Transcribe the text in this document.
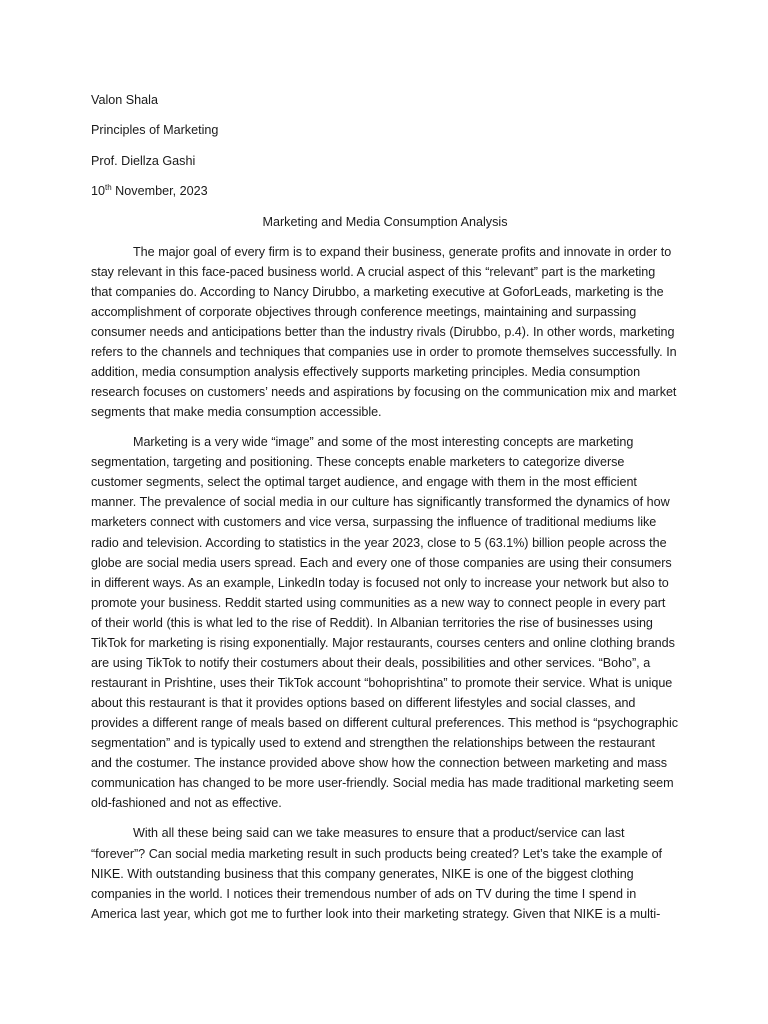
Valon Shala

Principles of Marketing

Prof. Diellza Gashi

10th November, 2023

Marketing and Media Consumption Analysis

The major goal of every firm is to expand their business, generate profits and innovate in order to stay relevant in this face-paced business world. A crucial aspect of this “relevant” part is the marketing that companies do. According to Nancy Dirubbo, a marketing executive at GoforLeads, marketing is the accomplishment of corporate objectives through conference meetings, maintaining and surpassing consumer needs and anticipations better than the industry rivals (Dirubbo, p.4). In other words, marketing refers to the channels and techniques that companies use in order to promote themselves successfully. In addition, media consumption analysis effectively supports marketing principles. Media consumption research focuses on customers’ needs and aspirations by focusing on the communication mix and market segments that make media consumption accessible.

Marketing is a very wide “image” and some of the most interesting concepts are marketing segmentation, targeting and positioning. These concepts enable marketers to categorize diverse customer segments, select the optimal target audience, and engage with them in the most efficient manner. The prevalence of social media in our culture has significantly transformed the dynamics of how marketers connect with customers and vice versa, surpassing the influence of traditional mediums like radio and television. According to statistics in the year 2023, close to 5 (63.1%) billion people across the globe are social media users spread. Each and every one of those companies are using their consumers in different ways. As an example, LinkedIn today is focused not only to increase your network but also to promote your business. Reddit started using communities as a new way to connect people in every part of their world (this is what led to the rise of Reddit). In Albanian territories the rise of businesses using TikTok for marketing is rising exponentially. Major restaurants, courses centers and online clothing brands are using TikTok to notify their costumers about their deals, possibilities and other services. “Boho”, a restaurant in Prishtine, uses their TikTok account “bohoprishtina” to promote their service. What is unique about this restaurant is that it provides options based on different lifestyles and social classes, and provides a different range of meals based on different cultural preferences. This method is “psychographic segmentation” and is typically used to extend and strengthen the relationships between the restaurant and the costumer. The instance provided above show how the connection between marketing and mass communication has changed to be more user-friendly. Social media has made traditional marketing seem old-fashioned and not as effective.

With all these being said can we take measures to ensure that a product/service can last “forever”? Can social media marketing result in such products being created? Let’s take the example of NIKE. With outstanding business that this company generates, NIKE is one of the biggest clothing companies in the world. I notices their tremendous number of ads on TV during the time I spend in America last year, which got me to further look into their marketing strategy. Given that NIKE is a multi-
